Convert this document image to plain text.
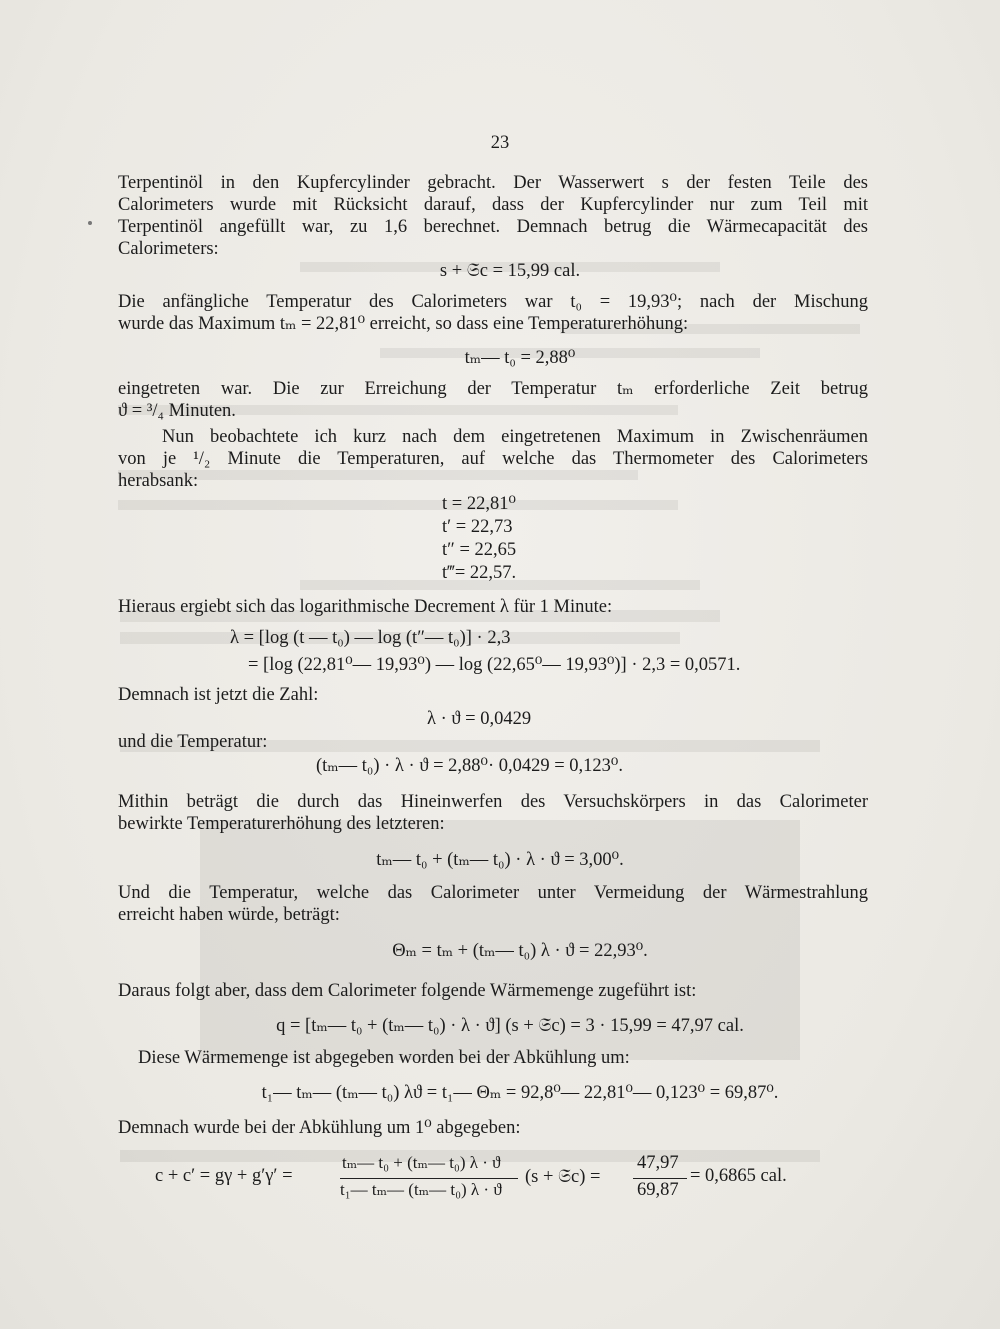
23
Terpentinöl in den Kupfercylinder gebracht. Der Wasserwert s der festen Teile des
Calorimeters wurde mit Rücksicht darauf, dass der Kupfercylinder nur zum Teil mit
Terpentinöl angefüllt war, zu 1,6 berechnet. Demnach betrug die Wärmecapacität des
Calorimeters:
s + 𝔖c = 15,99 cal.
Die anfängliche Temperatur des Calorimeters war t₀ = 19,93⁰; nach der Mischung
wurde das Maximum tₘ = 22,81⁰ erreicht, so dass eine Temperaturerhöhung:
tₘ— t₀ = 2,88⁰
eingetreten war. Die zur Erreichung der Temperatur tₘ erforderliche Zeit betrug
ϑ = ³/₄ Minuten.
Nun beobachtete ich kurz nach dem eingetretenen Maximum in Zwischenräumen
von je ¹/₂ Minute die Temperaturen, auf welche das Thermometer des Calorimeters
herabsank:
t = 22,81⁰
t′ = 22,73
t″ = 22,65
t‴= 22,57.
Hieraus ergiebt sich das logarithmische Decrement λ für 1 Minute:
λ = [log (t — t₀) — log (t″— t₀)] · 2,3
= [log (22,81⁰— 19,93⁰) — log (22,65⁰— 19,93⁰)] · 2,3 = 0,0571.
Demnach ist jetzt die Zahl:
λ · ϑ = 0,0429
und die Temperatur:
(tₘ— t₀) · λ · ϑ = 2,88⁰· 0,0429 = 0,123⁰.
Mithin beträgt die durch das Hineinwerfen des Versuchskörpers in das Calorimeter
bewirkte Temperaturerhöhung des letzteren:
tₘ— t₀ + (tₘ— t₀) · λ · ϑ = 3,00⁰.
Und die Temperatur, welche das Calorimeter unter Vermeidung der Wärmestrahlung
erreicht haben würde, beträgt:
Θₘ = tₘ + (tₘ— t₀) λ · ϑ = 22,93⁰.
Daraus folgt aber, dass dem Calorimeter folgende Wärmemenge zugeführt ist:
q = [tₘ— t₀ + (tₘ— t₀) · λ · ϑ] (s + 𝔖c) = 3 · 15,99 = 47,97 cal.
Diese Wärmemenge ist abgegeben worden bei der Abkühlung um:
t₁— tₘ— (tₘ— t₀) λϑ = t₁— Θₘ = 92,8⁰— 22,81⁰— 0,123⁰ = 69,87⁰.
Demnach wurde bei der Abkühlung um 1⁰ abgegeben:
c + c′ = gγ + g′γ′ =
tₘ— t₀ + (tₘ— t₀) λ · ϑ
t₁— tₘ— (tₘ— t₀) λ · ϑ
(s + 𝔖c) =
47,97
69,87
= 0,6865 cal.
